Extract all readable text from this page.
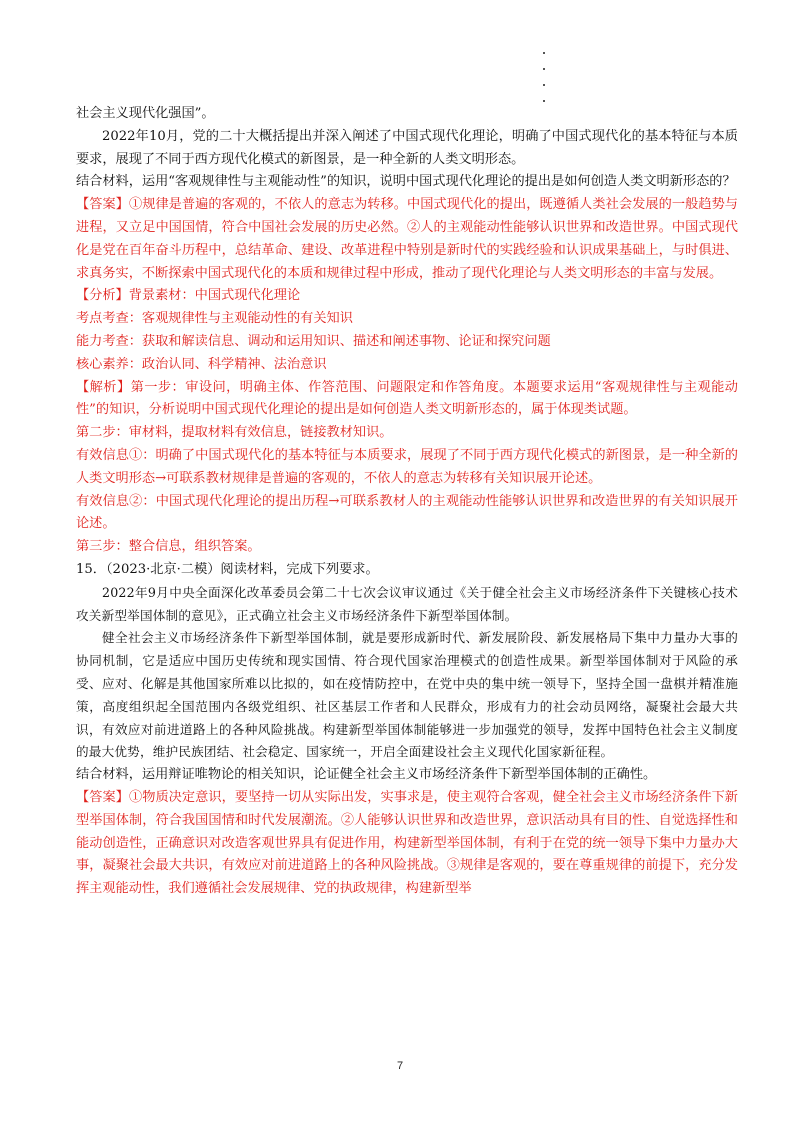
社会主义现代化强国”。

2022年10月，党的二十大概括提出并深入阐述了中国式现代化理论，明确了中国式现代化的基本特征与本质要求，展现了不同于西方现代化模式的新图景，是一种全新的人类文明形态。

结合材料，运用“客观规律性与主观能动性”的知识，说明中国式现代化理论的提出是如何创造人类文明新形态的？

【答案】①规律是普遍的客观的，不依人的意志为转移。中国式现代化的提出，既遵循人类社会发展的一般趋势与进程，又立足中国国情，符合中国社会发展的历史必然。②人的主观能动性能够认识世界和改造世界。中国式现代化是党在百年奋斗历程中，总结革命、建设、改革进程中特别是新时代的实践经验和认识成果基础上，与时俱进、求真务实，不断探索中国式现代化的本质和规律过程中形成，推动了现代化理论与人类文明形态的丰富与发展。

【分析】背景素材：中国式现代化理论

考点考查：客观规律性与主观能动性的有关知识

能力考查：获取和解读信息、调动和运用知识、描述和阐述事物、论证和探究问题

核心素养：政治认同、科学精神、法治意识

【解析】第一步：审设问，明确主体、作答范围、问题限定和作答角度。本题要求运用“客观规律性与主观能动性”的知识，分析说明中国式现代化理论的提出是如何创造人类文明新形态的，属于体现类试题。

第二步：审材料，提取材料有效信息，链接教材知识。

有效信息①：明确了中国式现代化的基本特征与本质要求，展现了不同于西方现代化模式的新图景，是一种全新的人类文明形态→可联系教材规律是普遍的客观的，不依人的意志为转移有关知识展开论述。

有效信息②：中国式现代化理论的提出历程→可联系教材人的主观能动性能够认识世界和改造世界的有关知识展开论述。

第三步：整合信息，组织答案。

15．（2023·北京·二模）阅读材料，完成下列要求。

2022年9月中央全面深化改革委员会第二十七次会议审议通过《关于健全社会主义市场经济条件下关键核心技术攻关新型举国体制的意见》，正式确立社会主义市场经济条件下新型举国体制。

健全社会主义市场经济条件下新型举国体制，就是要形成新时代、新发展阶段、新发展格局下集中力量办大事的协同机制，它是适应中国历史传统和现实国情、符合现代国家治理模式的创造性成果。新型举国体制对于风险的承受、应对、化解是其他国家所难以比拟的，如在疫情防控中，在党中央的集中统一领导下，坚持全国一盘棋并精准施策，高度组织起全国范围内各级党组织、社区基层工作者和人民群众，形成有力的社会动员网络，凝聚社会最大共识，有效应对前进道路上的各种风险挑战。构建新型举国体制能够进一步加强党的领导，发挥中国特色社会主义制度的最大优势，维护民族团结、社会稳定、国家统一，开启全面建设社会主义现代化国家新征程。

结合材料，运用辩证唯物论的相关知识，论证健全社会主义市场经济条件下新型举国体制的正确性。

【答案】①物质决定意识，要坚持一切从实际出发，实事求是，使主观符合客观，健全社会主义市场经济条件下新型举国体制，符合我国国情和时代发展潮流。②人能够认识世界和改造世界，意识活动具有目的性、自觉选择性和能动创造性，正确意识对改造客观世界具有促进作用，构建新型举国体制，有利于在党的统一领导下集中力量办大事，凝聚社会最大共识，有效应对前进道路上的各种风险挑战。③规律是客观的，要在尊重规律的前提下，充分发挥主观能动性，我们遵循社会发展规律、党的执政规律，构建新型举

7
